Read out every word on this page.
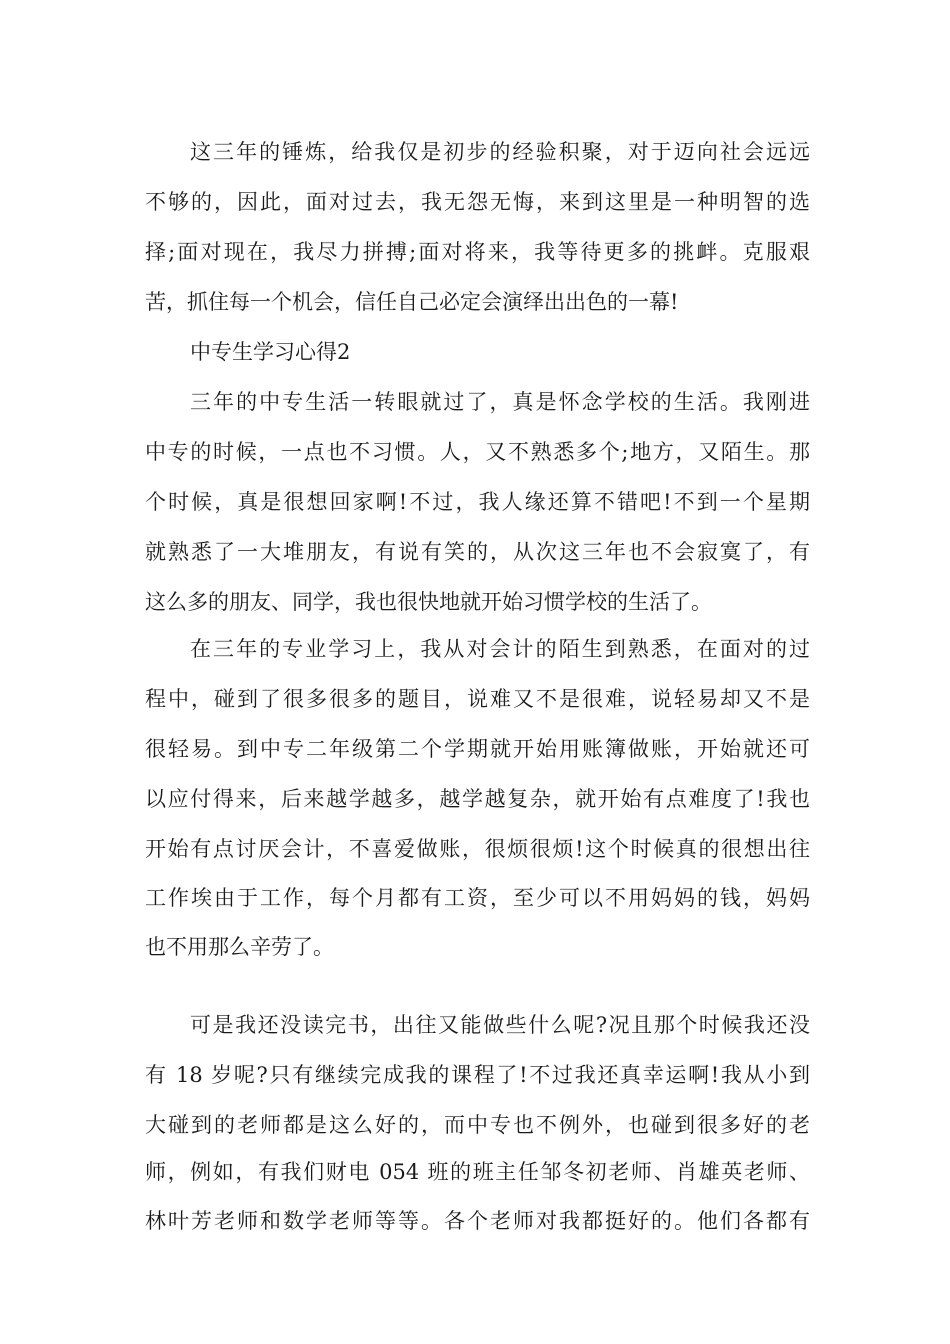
这三年的锤炼，给我仅是初步的经验积聚，对于迈向社会远远
不够的，因此，面对过去，我无怨无悔，来到这里是一种明智的选
择;面对现在，我尽力拼搏;面对将来，我等待更多的挑衅。克服艰
苦，抓住每一个机会，信任自己必定会演绎出出色的一幕!
中专生学习心得2
三年的中专生活一转眼就过了，真是怀念学校的生活。我刚进
中专的时候，一点也不习惯。人，又不熟悉多个;地方，又陌生。那
个时候，真是很想回家啊!不过，我人缘还算不错吧!不到一个星期
就熟悉了一大堆朋友，有说有笑的，从次这三年也不会寂寞了，有
这么多的朋友、同学，我也很快地就开始习惯学校的生活了。
在三年的专业学习上，我从对会计的陌生到熟悉，在面对的过
程中，碰到了很多很多的题目，说难又不是很难，说轻易却又不是
很轻易。到中专二年级第二个学期就开始用账簿做账，开始就还可
以应付得来，后来越学越多，越学越复杂，就开始有点难度了!我也
开始有点讨厌会计，不喜爱做账，很烦很烦!这个时候真的很想出往
工作埃由于工作，每个月都有工资，至少可以不用妈妈的钱，妈妈
也不用那么辛劳了。
可是我还没读完书，出往又能做些什么呢?况且那个时候我还没
有 18 岁呢?只有继续完成我的课程了!不过我还真幸运啊!我从小到
大碰到的老师都是这么好的，而中专也不例外，也碰到很多好的老
师，例如，有我们财电 054 班的班主任邹冬初老师、肖雄英老师、
林叶芳老师和数学老师等等。各个老师对我都挺好的。他们各都有
